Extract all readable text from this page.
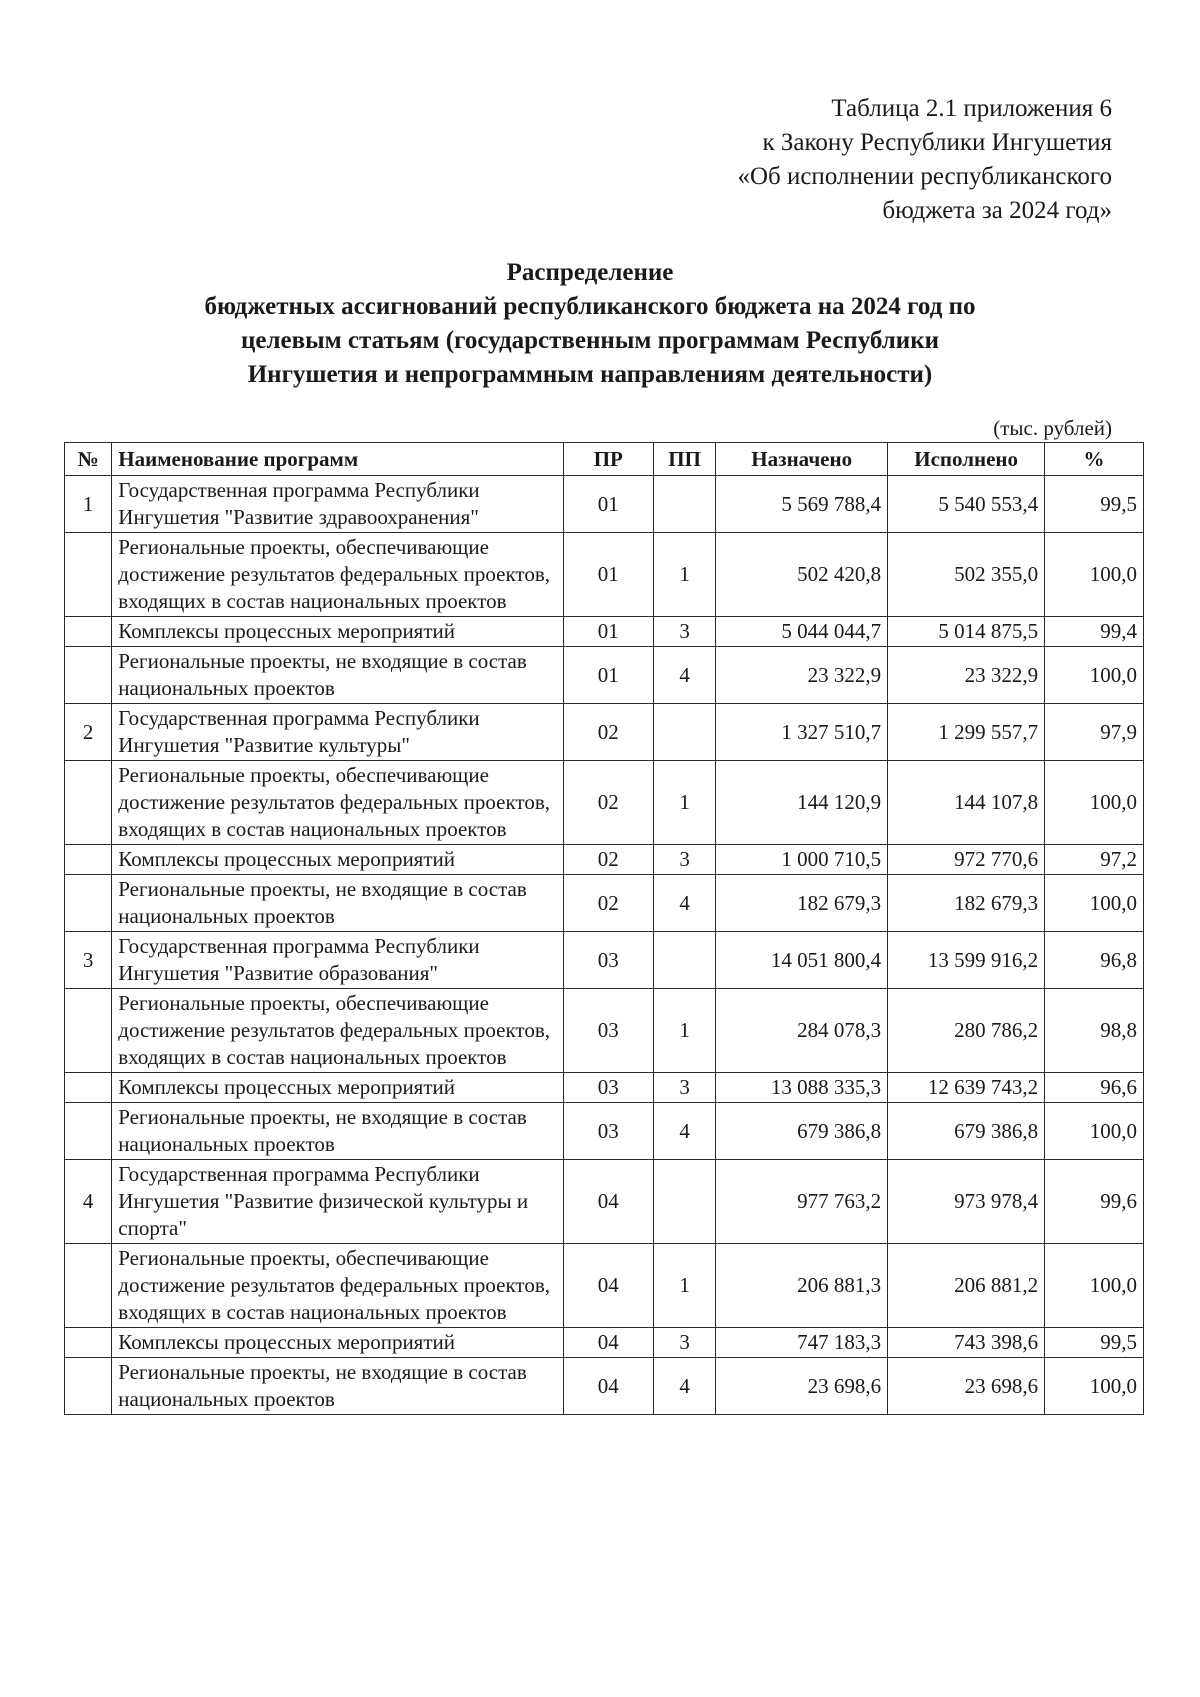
Таблица 2.1 приложения 6
к Закону Республики Ингушетия
«Об исполнении республиканского
бюджета за 2024 год»
Распределение
бюджетных ассигнований республиканского бюджета на 2024 год по
целевым статьям (государственным программам Республики
Ингушетия и непрограммным направлениям деятельности)
(тыс. рублей)
№	Наименование программ	ПР	ПП	Назначено	Исполнено	%
1	Государственная программа Республики Ингушетия "Развитие здравоохранения"	01		5 569 788,4	5 540 553,4	99,5
	Региональные проекты, обеспечивающие достижение результатов федеральных проектов, входящих в состав национальных проектов	01	1	502 420,8	502 355,0	100,0
	Комплексы процессных мероприятий	01	3	5 044 044,7	5 014 875,5	99,4
	Региональные проекты, не входящие в состав национальных проектов	01	4	23 322,9	23 322,9	100,0
2	Государственная программа Республики Ингушетия "Развитие культуры"	02		1 327 510,7	1 299 557,7	97,9
	Региональные проекты, обеспечивающие достижение результатов федеральных проектов, входящих в состав национальных проектов	02	1	144 120,9	144 107,8	100,0
	Комплексы процессных мероприятий	02	3	1 000 710,5	972 770,6	97,2
	Региональные проекты, не входящие в состав национальных проектов	02	4	182 679,3	182 679,3	100,0
3	Государственная программа Республики Ингушетия "Развитие образования"	03		14 051 800,4	13 599 916,2	96,8
	Региональные проекты, обеспечивающие достижение результатов федеральных проектов, входящих в состав национальных проектов	03	1	284 078,3	280 786,2	98,8
	Комплексы процессных мероприятий	03	3	13 088 335,3	12 639 743,2	96,6
	Региональные проекты, не входящие в состав национальных проектов	03	4	679 386,8	679 386,8	100,0
4	Государственная программа Республики Ингушетия "Развитие физической культуры и спорта"	04		977 763,2	973 978,4	99,6
	Региональные проекты, обеспечивающие достижение результатов федеральных проектов, входящих в состав национальных проектов	04	1	206 881,3	206 881,2	100,0
	Комплексы процессных мероприятий	04	3	747 183,3	743 398,6	99,5
	Региональные проекты, не входящие в состав национальных проектов	04	4	23 698,6	23 698,6	100,0
